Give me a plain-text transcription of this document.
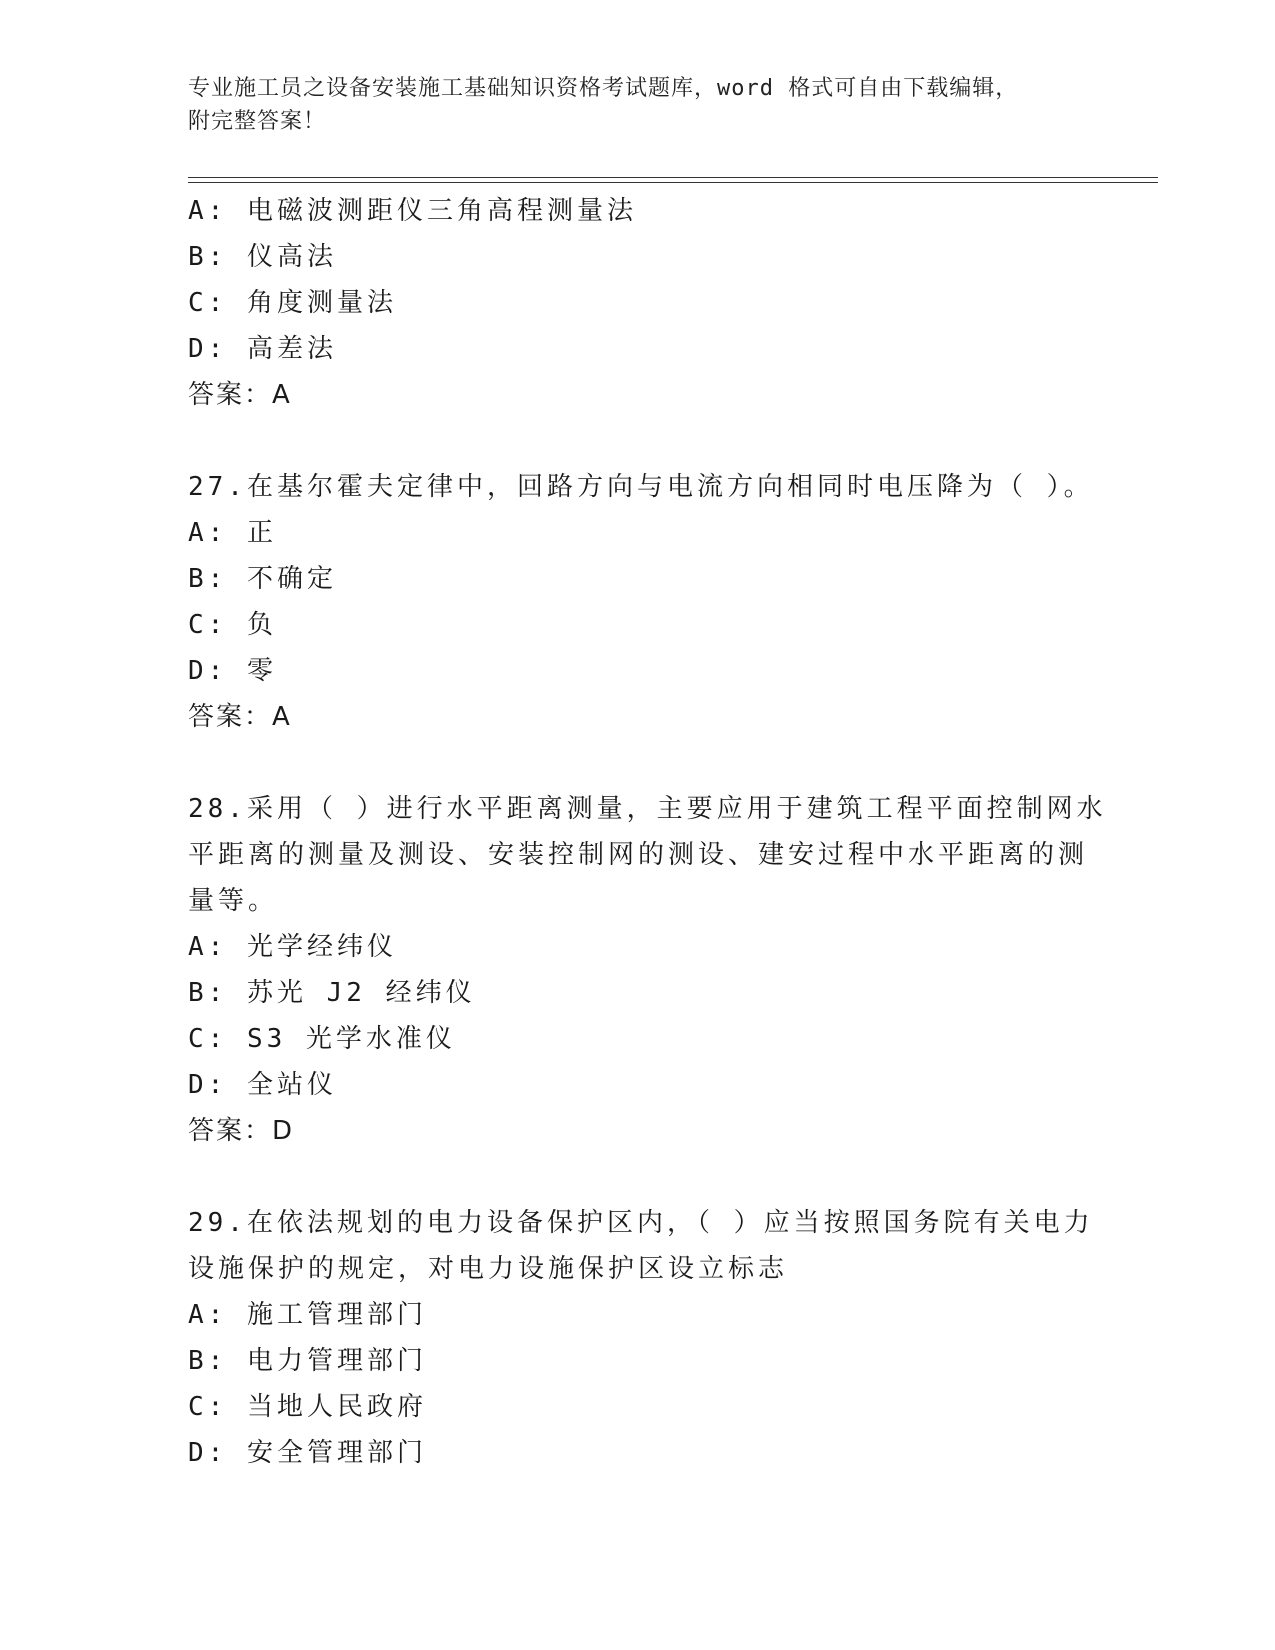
专业施工员之设备安装施工基础知识资格考试题库，word 格式可自由下载编辑，
附完整答案！
A: 电磁波测距仪三角高程测量法
B: 仪高法
C: 角度测量法
D: 高差法
答案：A
27.在基尔霍夫定律中，回路方向与电流方向相同时电压降为（ ）。
A: 正
B: 不确定
C: 负
D: 零
答案：A
28.采用（ ）进行水平距离测量，主要应用于建筑工程平面控制网水
平距离的测量及测设、安装控制网的测设、建安过程中水平距离的测
量等。
A: 光学经纬仪
B: 苏光 J2 经纬仪
C: S3 光学水准仪
D: 全站仪
答案：D
29.在依法规划的电力设备保护区内，（ ）应当按照国务院有关电力
设施保护的规定，对电力设施保护区设立标志
A: 施工管理部门
B: 电力管理部门
C: 当地人民政府
D: 安全管理部门
